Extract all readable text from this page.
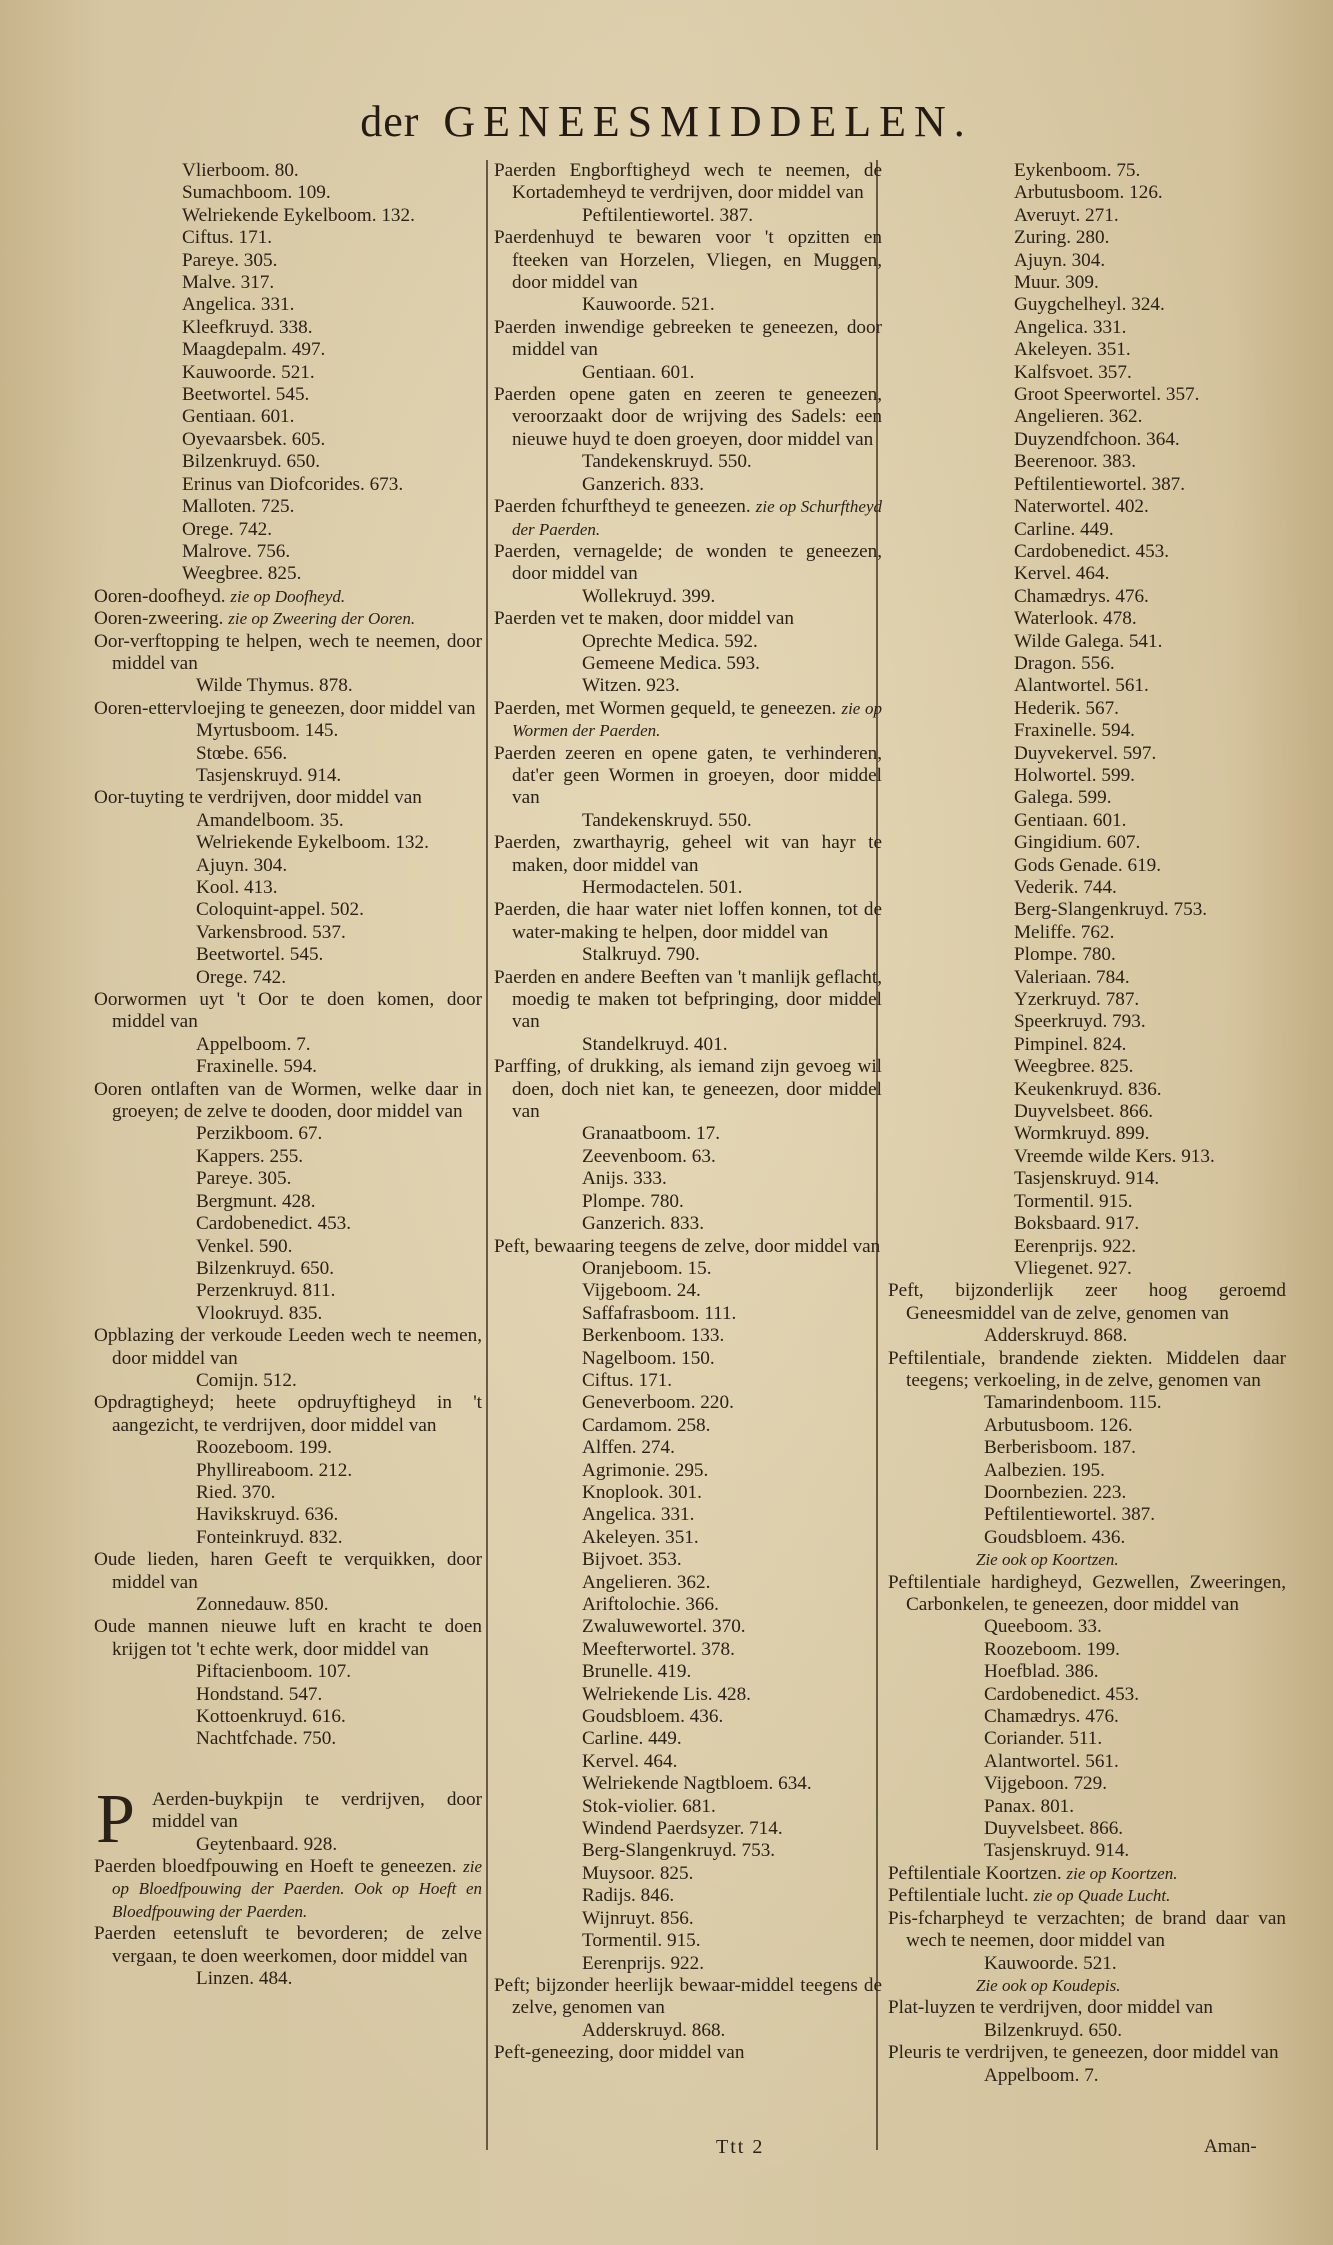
der GENEESMIDDELEN.
Vlierboom. 80.
Sumachboom. 109.
Welriekende Eykelboom. 132.
Ciftus. 171.
Pareye. 305.
Malve. 317.
Angelica. 331.
Kleefkruyd. 338.
Maagdepalm. 497.
Kauwoorde. 521.
Beetwortel. 545.
Gentiaan. 601.
Oyevaarsbek. 605.
Bilzenkruyd. 650.
Erinus van Diofcorides. 673.
Malloten. 725.
Orege. 742.
Malrove. 756.
Weegbree. 825.
Ooren-doofheyd. zie op Doofheyd.
Ooren-zweering. zie op Zweering der Ooren.
Oor-verftopping te helpen, wech te neemen, door middel van
Wilde Thymus. 878.
Ooren-ettervloejing te geneezen, door middel van
Myrtusboom. 145.
Stœbe. 656.
Tasjenskruyd. 914.
Oor-tuyting te verdrijven, door middel van
Amandelboom. 35.
Welriekende Eykelboom. 132.
Ajuyn. 304.
Kool. 413.
Coloquint-appel. 502.
Varkensbrood. 537.
Beetwortel. 545.
Orege. 742.
Oorwormen uyt 't Oor te doen komen, door middel van
Appelboom. 7.
Fraxinelle. 594.
Ooren ontlaften van de Wormen, welke daar in groeyen; de zelve te dooden, door middel van
Perzikboom. 67.
Kappers. 255.
Pareye. 305.
Bergmunt. 428.
Cardobenedict. 453.
Venkel. 590.
Bilzenkruyd. 650.
Perzenkruyd. 811.
Vlookruyd. 835.
Opblazing der verkoude Leeden wech te neemen, door middel van
Comijn. 512.
Opdragtigheyd; heete opdruyftigheyd in 't aangezicht, te verdrijven, door middel van
Roozeboom. 199.
Phyllireaboom. 212.
Ried. 370.
Havikskruyd. 636.
Fonteinkruyd. 832.
Oude lieden, haren Geeft te verquikken, door middel van
Zonnedauw. 850.
Oude mannen nieuwe luft en kracht te doen krijgen tot 't echte werk, door middel van
Piftacienboom. 107.
Hondstand. 547.
Kottoenkruyd. 616.
Nachtfchade. 750.
P Aerden-buykpijn te verdrijven, door middel van
Geytenbaard. 928.
Paerden bloedfpouwing en Hoeft te geneezen. zie op Bloedfpouwing der Paerden. Ook op Hoeft en Bloedfpouwing der Paerden.
Paerden eetensluft te bevorderen; de zelve vergaan, te doen weerkomen, door middel van
Linzen. 484.
Paerden Engborftigheyd wech te neemen, de Kortademheyd te verdrijven, door middel van
Peftilentiewortel. 387.
Paerdenhuyd te bewaren voor 't opzitten en fteeken van Horzelen, Vliegen, en Muggen, door middel van
Kauwoorde. 521.
Paerden inwendige gebreeken te geneezen, door middel van
Gentiaan. 601.
Paerden opene gaten en zeeren te geneezen, veroorzaakt door de wrijving des Sadels: een nieuwe huyd te doen groeyen, door middel van
Tandekenskruyd. 550.
Ganzerich. 833.
Paerden fchurftheyd te geneezen. zie op Schurftheyd der Paerden.
Paerden, vernagelde; de wonden te geneezen, door middel van
Wollekruyd. 399.
Paerden vet te maken, door middel van
Oprechte Medica. 592.
Gemeene Medica. 593.
Witzen. 923.
Paerden, met Wormen gequeld, te geneezen. zie op Wormen der Paerden.
Paerden zeeren en opene gaten, te verhinderen, dat'er geen Wormen in groeyen, door middel van
Tandekenskruyd. 550.
Paerden, zwarthayrig, geheel wit van hayr te maken, door middel van
Hermodactelen. 501.
Paerden, die haar water niet loffen konnen, tot de water-making te helpen, door middel van
Stalkruyd. 790.
Paerden en andere Beeften van 't manlijk geflacht, moedig te maken tot befpringing, door middel van
Standelkruyd. 401.
Parffing, of drukking, als iemand zijn gevoeg wil doen, doch niet kan, te geneezen, door middel van
Granaatboom. 17.
Zeevenboom. 63.
Anijs. 333.
Plompe. 780.
Ganzerich. 833.
Peft, bewaaring teegens de zelve, door middel van
Oranjeboom. 15.
Vijgeboom. 24.
Saffafrasboom. 111.
Berkenboom. 133.
Nagelboom. 150.
Ciftus. 171.
Geneverboom. 220.
Cardamom. 258.
Alffen. 274.
Agrimonie. 295.
Knoplook. 301.
Angelica. 331.
Akeleyen. 351.
Bijvoet. 353.
Angelieren. 362.
Ariftolochie. 366.
Zwaluwewortel. 370.
Meefterwortel. 378.
Brunelle. 419.
Welriekende Lis. 428.
Goudsbloem. 436.
Carline. 449.
Kervel. 464.
Welriekende Nagtbloem. 634.
Stok-violier. 681.
Windend Paerdsyzer. 714.
Berg-Slangenkruyd. 753.
Muysoor. 825.
Radijs. 846.
Wijnruyt. 856.
Tormentil. 915.
Eerenprijs. 922.
Peft; bijzonder heerlijk bewaar-middel teegens de zelve, genomen van
Adderskruyd. 868.
Peft-geneezing, door middel van
Eykenboom. 75.
Arbutusboom. 126.
Averuyt. 271.
Zuring. 280.
Ajuyn. 304.
Muur. 309.
Guygchelheyl. 324.
Angelica. 331.
Akeleyen. 351.
Kalfsvoet. 357.
Groot Speerwortel. 357.
Angelieren. 362.
Duyzendfchoon. 364.
Beerenoor. 383.
Peftilentiewortel. 387.
Naterwortel. 402.
Carline. 449.
Cardobenedict. 453.
Kervel. 464.
Chamædrys. 476.
Waterlook. 478.
Wilde Galega. 541.
Dragon. 556.
Alantwortel. 561.
Hederik. 567.
Fraxinelle. 594.
Duyvekervel. 597.
Holwortel. 599.
Galega. 599.
Gentiaan. 601.
Gingidium. 607.
Gods Genade. 619.
Vederik. 744.
Berg-Slangenkruyd. 753.
Meliffe. 762.
Plompe. 780.
Valeriaan. 784.
Yzerkruyd. 787.
Speerkruyd. 793.
Pimpinel. 824.
Weegbree. 825.
Keukenkruyd. 836.
Duyvelsbeet. 866.
Wormkruyd. 899.
Vreemde wilde Kers. 913.
Tasjenskruyd. 914.
Tormentil. 915.
Boksbaard. 917.
Eerenprijs. 922.
Vliegenet. 927.
Peft, bijzonderlijk zeer hoog geroemd Geneesmiddel van de zelve, genomen van
Adderskruyd. 868.
Peftilentiale, brandende ziekten. Middelen daar teegens; verkoeling, in de zelve, genomen van
Tamarindenboom. 115.
Arbutusboom. 126.
Berberisboom. 187.
Aalbezien. 195.
Doornbezien. 223.
Peftilentiewortel. 387.
Goudsbloem. 436.
Zie ook op Koortzen.
Peftilentiale hardigheyd, Gezwellen, Zweeringen, Carbonkelen, te geneezen, door middel van
Queeboom. 33.
Roozeboom. 199.
Hoefblad. 386.
Cardobenedict. 453.
Chamædrys. 476.
Coriander. 511.
Alantwortel. 561.
Vijgeboon. 729.
Panax. 801.
Duyvelsbeet. 866.
Tasjenskruyd. 914.
Peftilentiale Koortzen. zie op Koortzen.
Peftilentiale lucht. zie op Quade Lucht.
Pis-fcharpheyd te verzachten; de brand daar van wech te neemen, door middel van
Kauwoorde. 521.
Zie ook op Koudepis.
Plat-luyzen te verdrijven, door middel van
Bilzenkruyd. 650.
Pleuris te verdrijven, te geneezen, door middel van
Appelboom. 7.
Ttt 2	Aman-
